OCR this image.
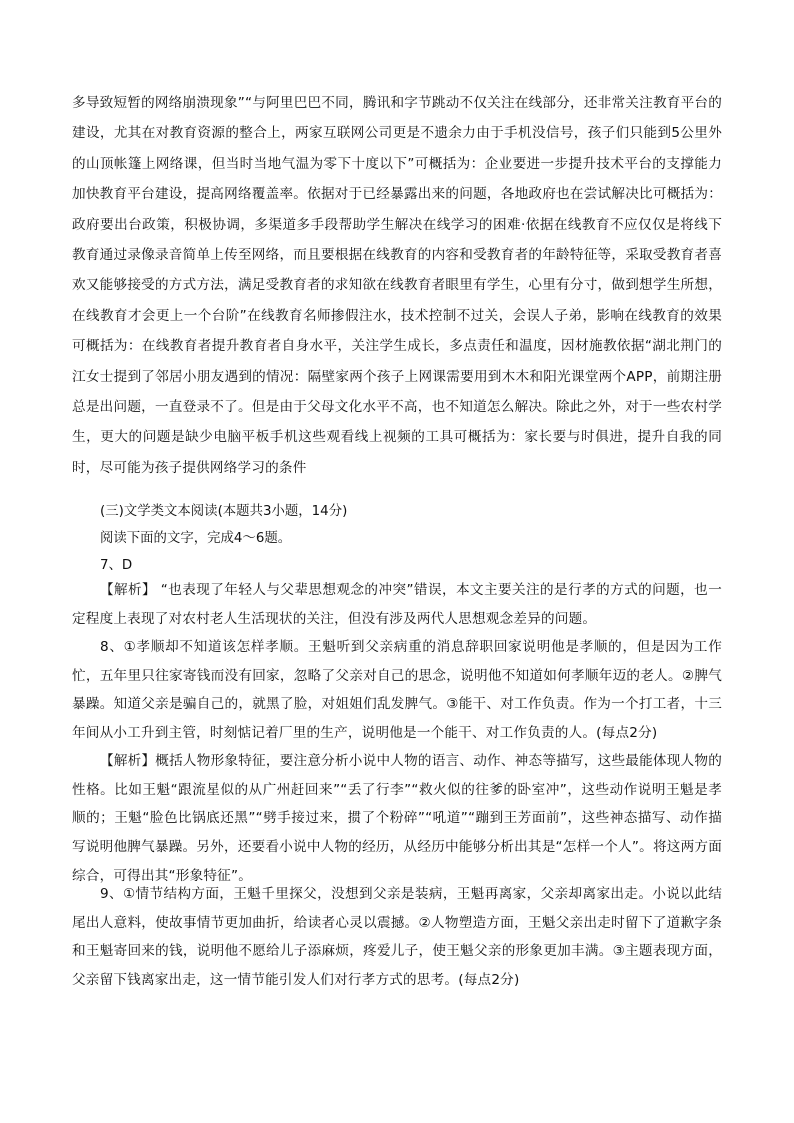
多导致短暂的网络崩溃现象”“与阿里巴巴不同，腾讯和字节跳动不仅关注在线部分，还非常关注教育平台的建设，尤其在对教育资源的整合上，两家互联网公司更是不遗余力由于手机没信号，孩子们只能到5公里外的山顶帐篷上网络课，但当时当地气温为零下十度以下”可概括为：企业要进一步提升技术平台的支撑能力加快教育平台建设，提高网络覆盖率。依据对于已经暴露出来的问题，各地政府也在尝试解决比可概括为：政府要出台政策，积极协调，多渠道多手段帮助学生解决在线学习的困难·依据在线教育不应仅仅是将线下教育通过录像录音简单上传至网络，而且要根据在线教育的内容和受教育者的年龄特征等，采取受教育者喜欢又能够接受的方式方法，满足受教育者的求知欲在线教育者眼里有学生，心里有分寸，做到想学生所想，在线教育才会更上一个台阶”在线教育名师掺假注水，技术控制不过关，会误人子弟，影响在线教育的效果可概括为：在线教育者提升教育者自身水平，关注学生成长，多点责任和温度，因材施教依据“湖北荆门的江女士提到了邻居小朋友遇到的情况：隔壁家两个孩子上网课需要用到木木和阳光课堂两个APP，前期注册总是出问题，一直登录不了。但是由于父母文化水平不高，也不知道怎么解决。除此之外，对于一些农村学生，更大的问题是缺少电脑平板手机这些观看线上视频的工具可概括为：家长要与时俱进，提升自我的同时，尽可能为孩子提供网络学习的条件

(三)文学类文本阅读(本题共3小题，14分)

阅读下面的文字，完成4～6题。

7、D

【解析】 “也表现了年轻人与父辈思想观念的冲突”错误，本文主要关注的是行孝的方式的问题，也一定程度上表现了对农村老人生活现状的关注，但没有涉及两代人思想观念差异的问题。

8、①孝顺却不知道该怎样孝顺。王魁听到父亲病重的消息辞职回家说明他是孝顺的，但是因为工作忙，五年里只往家寄钱而没有回家，忽略了父亲对自己的思念，说明他不知道如何孝顺年迈的老人。②脾气暴躁。知道父亲是骗自己的，就黑了脸，对姐姐们乱发脾气。③能干、对工作负责。作为一个打工者，十三年间从小工升到主管，时刻惦记着厂里的生产，说明他是一个能干、对工作负责的人。(每点2分)

【解析】概括人物形象特征，要注意分析小说中人物的语言、动作、神态等描写，这些最能体现人物的性格。比如王魁“跟流星似的从广州赶回来”“丢了行李”“救火似的往爹的卧室冲”，这些动作说明王魁是孝顺的；王魁“脸色比锅底还黑”“劈手接过来，掼了个粉碎”“吼道”“蹦到王芳面前”，这些神态描写、动作描写说明他脾气暴躁。另外，还要看小说中人物的经历，从经历中能够分析出其是“怎样一个人”。将这两方面综合，可得出其“形象特征”。

9、①情节结构方面，王魁千里探父，没想到父亲是装病，王魁再离家，父亲却离家出走。小说以此结尾出人意料，使故事情节更加曲折，给读者心灵以震撼。②人物塑造方面，王魁父亲出走时留下了道歉字条和王魁寄回来的钱，说明他不愿给儿子添麻烦，疼爱儿子，使王魁父亲的形象更加丰满。③主题表现方面，父亲留下钱离家出走，这一情节能引发人们对行孝方式的思考。(每点2分)
